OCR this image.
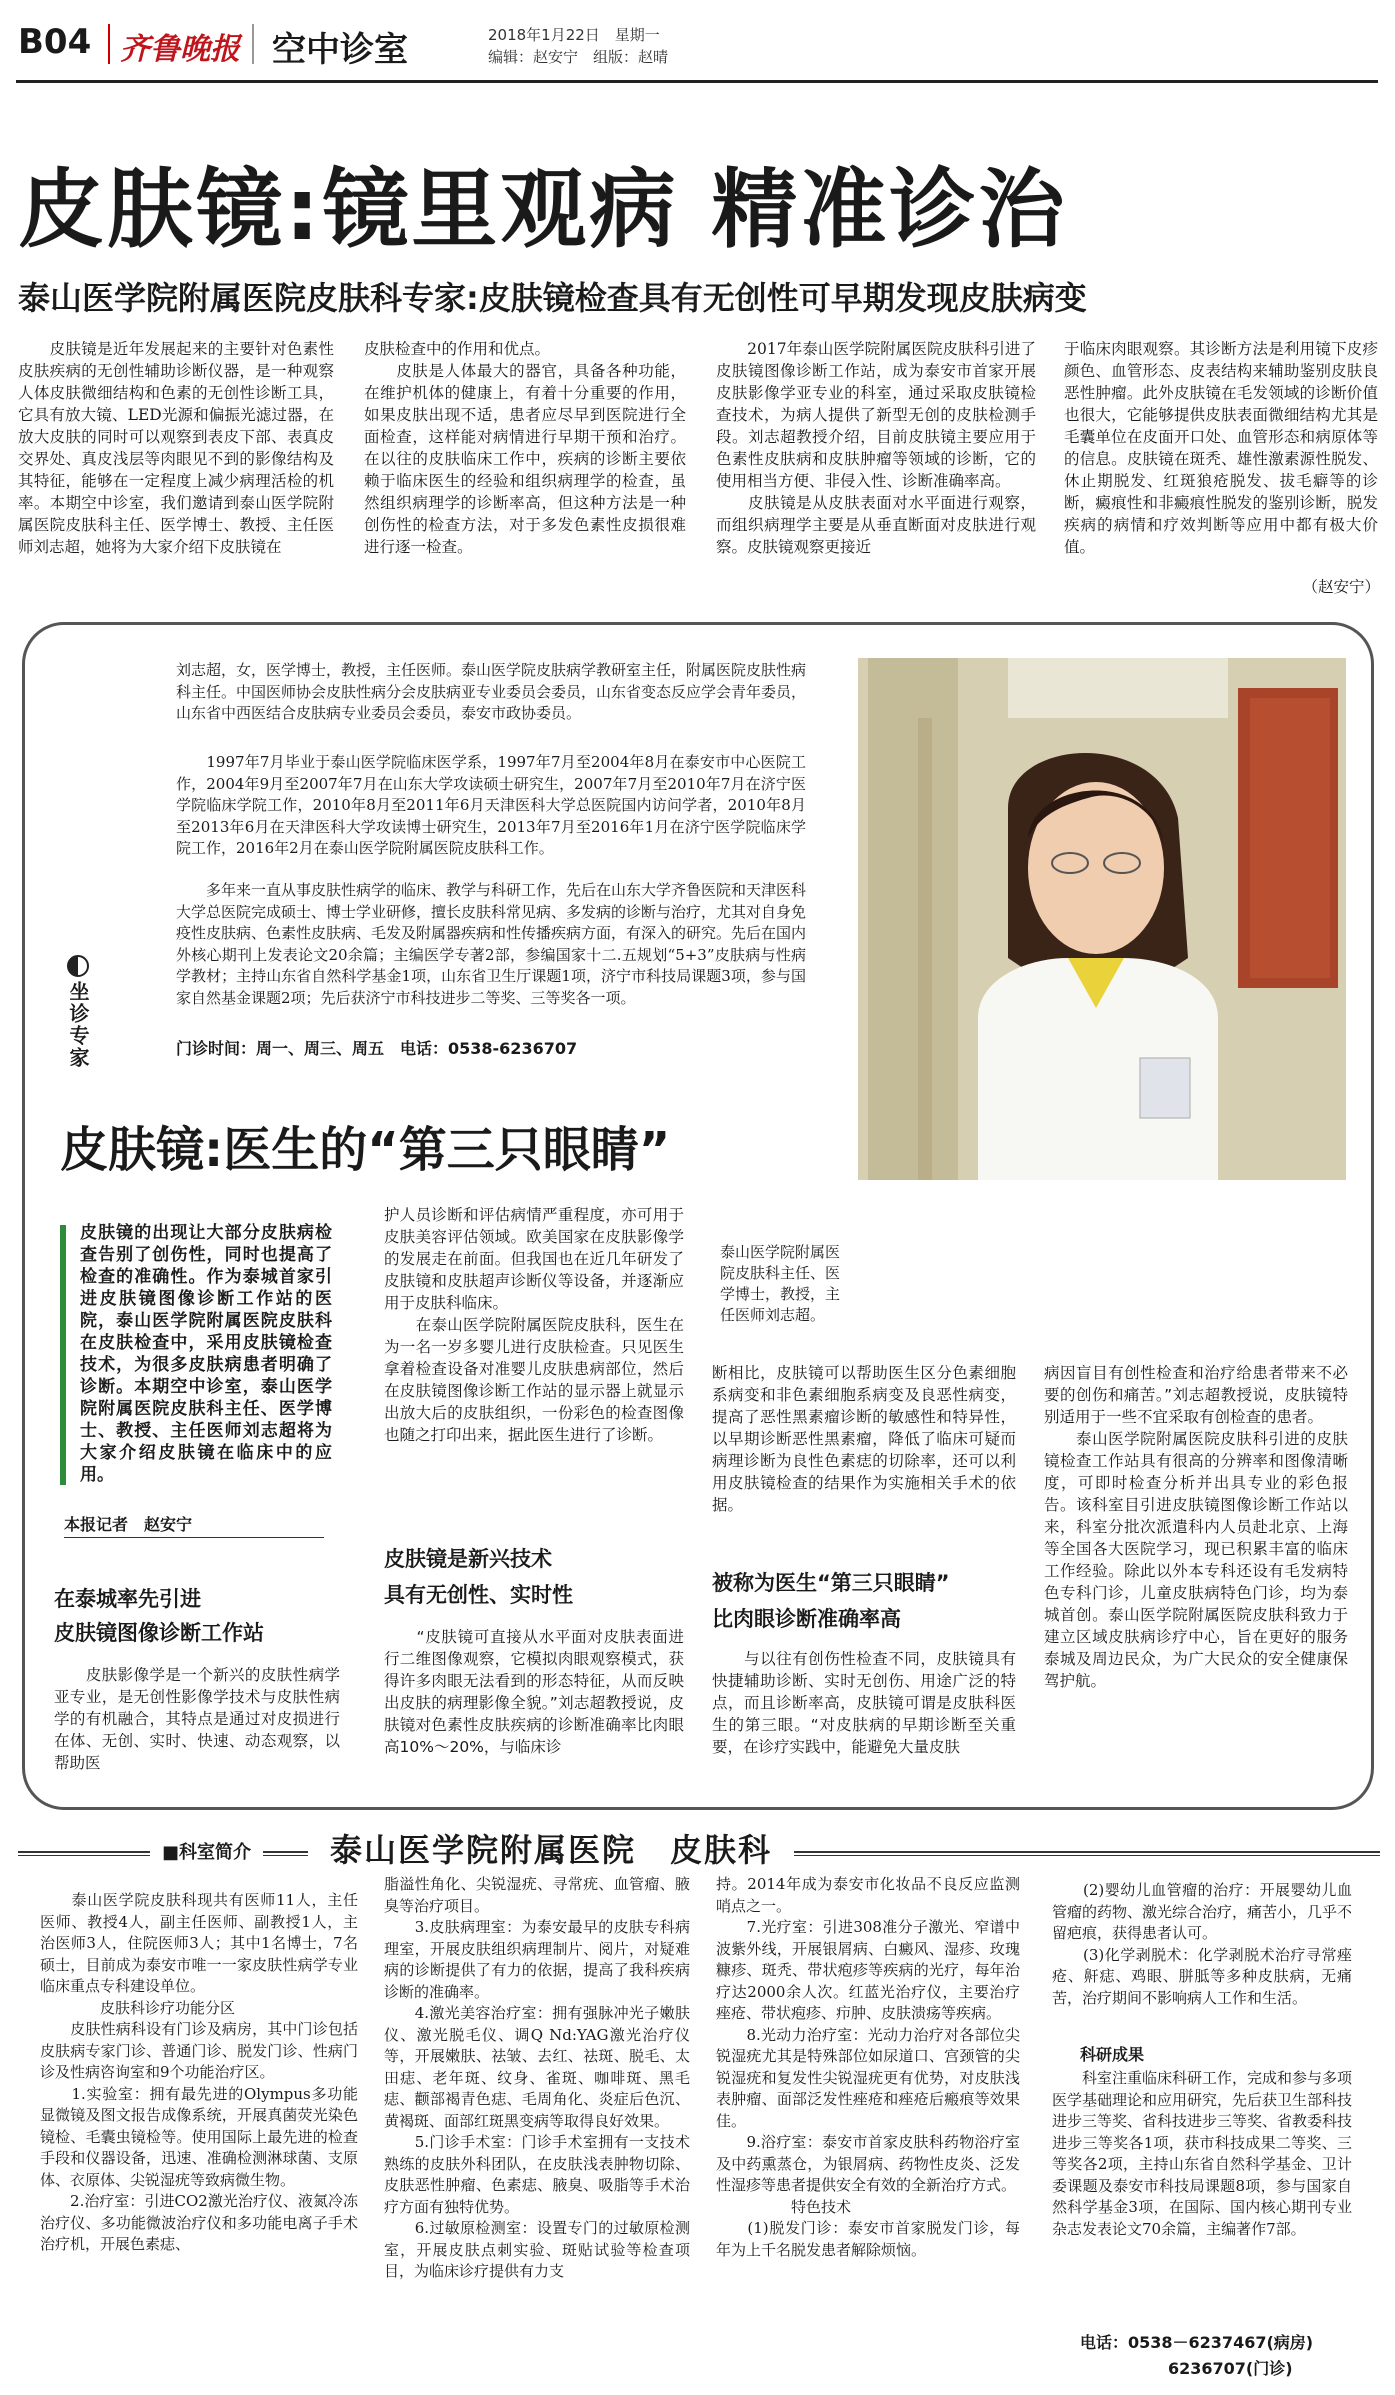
B04 齐鲁晚报 空中诊室	2018年1月22日　星期一
编辑：赵安宁　组版：赵晴
皮肤镜:镜里观病 精准诊治
泰山医学院附属医院皮肤科专家:皮肤镜检查具有无创性可早期发现皮肤病变
　　皮肤镜是近年发展起来的主要针对色素性皮肤疾病的无创性辅助诊断仪器，是一种观察人体皮肤微细结构和色素的无创性诊断工具，它具有放大镜、LED光源和偏振光滤过器，在放大皮肤的同时可以观察到表皮下部、表真皮交界处、真皮浅层等肉眼见不到的影像结构及其特征，能够在一定程度上减少病理活检的机率。本期空中诊室，我们邀请到泰山医学院附属医院皮肤科主任、医学博士、教授、主任医师刘志超，她将为大家介绍下皮肤镜在
皮肤检查中的作用和优点。
　　皮肤是人体最大的器官，具备各种功能，在维护机体的健康上，有着十分重要的作用，如果皮肤出现不适，患者应尽早到医院进行全面检查，这样能对病情进行早期干预和治疗。在以往的皮肤临床工作中，疾病的诊断主要依赖于临床医生的经验和组织病理学的检查，虽然组织病理学的诊断率高，但这种方法是一种创伤性的检查方法，对于多发色素性皮损很难进行逐一检查。
　　2017年泰山医学院附属医院皮肤科引进了皮肤镜图像诊断工作站，成为泰安市首家开展皮肤影像学亚专业的科室，通过采取皮肤镜检查技术，为病人提供了新型无创的皮肤检测手段。刘志超教授介绍，目前皮肤镜主要应用于色素性皮肤病和皮肤肿瘤等领域的诊断，它的使用相当方便、非侵入性、诊断准确率高。
　　皮肤镜是从皮肤表面对水平面进行观察，而组织病理学主要是从垂直断面对皮肤进行观察。皮肤镜观察更接近
于临床肉眼观察。其诊断方法是利用镜下皮疹颜色、血管形态、皮表结构来辅助鉴别皮肤良恶性肿瘤。此外皮肤镜在毛发领域的诊断价值也很大，它能够提供皮肤表面微细结构尤其是毛囊单位在皮面开口处、血管形态和病原体等的信息。皮肤镜在斑秃、雄性激素源性脱发、休止期脱发、红斑狼疮脱发、拔毛癖等的诊断，癜痕性和非癜痕性脱发的鉴别诊断，脱发疾病的病情和疗效判断等应用中都有极大价值。
（赵安宁）
坐诊专家
刘志超，女，医学博士，教授，主任医师。泰山医学院皮肤病学教研室主任，附属医院皮肤性病科主任。中国医师协会皮肤性病分会皮肤病亚专业委员会委员，山东省变态反应学会青年委员，山东省中西医结合皮肤病专业委员会委员，泰安市政协委员。
　　1997年7月毕业于泰山医学院临床医学系，1997年7月至2004年8月在泰安市中心医院工作，2004年9月至2007年7月在山东大学攻读硕士研究生，2007年7月至2010年7月在济宁医学院临床学院工作，2010年8月至2011年6月天津医科大学总医院国内访问学者，2010年8月至2013年6月在天津医科大学攻读博士研究生，2013年7月至2016年1月在济宁医学院临床学院工作，2016年2月在泰山医学院附属医院皮肤科工作。
　　多年来一直从事皮肤性病学的临床、教学与科研工作，先后在山东大学齐鲁医院和天津医科大学总医院完成硕士、博士学业研修，擅长皮肤科常见病、多发病的诊断与治疗，尤其对自身免疫性皮肤病、色素性皮肤病、毛发及附属器疾病和性传播疾病方面，有深入的研究。先后在国内外核心期刊上发表论文20余篇；主编医学专著2部，参编国家十二.五规划“5+3”皮肤病与性病学教材；主持山东省自然科学基金1项，山东省卫生厅课题1项，济宁市科技局课题3项，参与国家自然基金课题2项；先后获济宁市科技进步二等奖、三等奖各一项。
门诊时间：周一、周三、周五　电话：0538-6236707
皮肤镜:医生的“第三只眼睛”
皮肤镜的出现让大部分皮肤病检查告别了创伤性，同时也提高了检查的准确性。作为泰城首家引进皮肤镜图像诊断工作站的医院，泰山医学院附属医院皮肤科在皮肤检查中，采用皮肤镜检查技术，为很多皮肤病患者明确了诊断。本期空中诊室，泰山医学院附属医院皮肤科主任、医学博士、教授、主任医师刘志超将为大家介绍皮肤镜在临床中的应用。
本报记者　赵安宁
在泰城率先引进
皮肤镜图像诊断工作站
　　皮肤影像学是一个新兴的皮肤性病学亚专业，是无创性影像学技术与皮肤性病学的有机融合，其特点是通过对皮损进行在体、无创、实时、快速、动态观察，以帮助医
护人员诊断和评估病情严重程度，亦可用于皮肤美容评估领域。欧美国家在皮肤影像学的发展走在前面。但我国也在近几年研发了皮肤镜和皮肤超声诊断仪等设备，并逐渐应用于皮肤科临床。
　　在泰山医学院附属医院皮肤科，医生在为一名一岁多婴儿进行皮肤检查。只见医生拿着检查设备对准婴儿皮肤患病部位，然后在皮肤镜图像诊断工作站的显示器上就显示出放大后的皮肤组织，一份彩色的检查图像也随之打印出来，据此医生进行了诊断。
皮肤镜是新兴技术
具有无创性、实时性
　　“皮肤镜可直接从水平面对皮肤表面进行二维图像观察，它模拟肉眼观察模式，获得许多肉眼无法看到的形态特征，从而反映出皮肤的病理影像全貌。”刘志超教授说，皮肤镜对色素性皮肤疾病的诊断准确率比肉眼高10%～20%，与临床诊
泰山医学院附属医院皮肤科主任、医学博士，教授，主任医师刘志超。
断相比，皮肤镜可以帮助医生区分色素细胞系病变和非色素细胞系病变及良恶性病变，提高了恶性黑素瘤诊断的敏感性和特异性，以早期诊断恶性黑素瘤，降低了临床可疑而病理诊断为良性色素痣的切除率，还可以利用皮肤镜检查的结果作为实施相关手术的依据。
被称为医生“第三只眼睛”
比肉眼诊断准确率高
　　与以往有创伤性检查不同，皮肤镜具有快捷辅助诊断、实时无创伤、用途广泛的特点，而且诊断率高，皮肤镜可谓是皮肤科医生的第三眼。“对皮肤病的早期诊断至关重要，在诊疗实践中，能避免大量皮肤
病因盲目有创性检查和治疗给患者带来不必要的创伤和痛苦。”刘志超教授说，皮肤镜特别适用于一些不宜采取有创检查的患者。
　　泰山医学院附属医院皮肤科引进的皮肤镜检查工作站具有很高的分辨率和图像清晰度，可即时检查分析并出具专业的彩色报告。该科室目引进皮肤镜图像诊断工作站以来，科室分批次派遣科内人员赴北京、上海等全国各大医院学习，现已积累丰富的临床工作经验。除此以外本专科还设有毛发病特色专科门诊，儿童皮肤病特色门诊，均为泰城首创。泰山医学院附属医院皮肤科致力于建立区域皮肤病诊疗中心，旨在更好的服务泰城及周边民众，为广大民众的安全健康保驾护航。
■科室简介	泰山医学院附属医院　皮肤科
　　泰山医学院皮肤科现共有医师11人，主任医师、教授4人，副主任医师、副教授1人，主治医师3人，住院医师3人；其中1名博士，7名硕士，目前成为泰安市唯一一家皮肤性病学专业临床重点专科建设单位。
　　　　皮肤科诊疗功能分区
　　皮肤性病科设有门诊及病房，其中门诊包括皮肤病专家门诊、普通门诊、脱发门诊、性病门诊及性病咨询室和9个功能治疗区。
　　1.实验室：拥有最先进的Olympus多功能显微镜及图文报告成像系统，开展真菌荧光染色镜检、毛囊虫镜检等。使用国际上最先进的检查手段和仪器设备，迅速、准确检测淋球菌、支原体、衣原体、尖锐湿疣等致病微生物。
　　2.治疗室：引进CO2激光治疗仪、液氮冷冻治疗仪、多功能微波治疗仪和多功能电离子手术治疗机，开展色素痣、
脂溢性角化、尖锐湿疣、寻常疣、血管瘤、腋臭等治疗项目。
　　3.皮肤病理室：为泰安最早的皮肤专科病理室，开展皮肤组织病理制片、阅片，对疑难病的诊断提供了有力的依据，提高了我科疾病诊断的准确率。
　　4.激光美容治疗室：拥有强脉冲光子嫩肤仪、激光脱毛仪、调Q Nd:YAG激光治疗仪等，开展嫩肤、祛皱、去红、祛斑、脱毛、太田痣、老年斑、纹身、雀斑、咖啡斑、黑毛痣、颧部褐青色痣、毛周角化、炎症后色沉、黄褐斑、面部红斑黑变病等取得良好效果。
　　5.门诊手术室：门诊手术室拥有一支技术熟练的皮肤外科团队，在皮肤浅表肿物切除、皮肤恶性肿瘤、色素痣、腋臭、吸脂等手术治疗方面有独特优势。
　　6.过敏原检测室：设置专门的过敏原检测室，开展皮肤点刺实验、斑贴试验等检查项目，为临床诊疗提供有力支
持。2014年成为泰安市化妆品不良反应监测哨点之一。
　　7.光疗室：引进308准分子激光、窄谱中波紫外线，开展银屑病、白癜风、湿疹、玫瑰糠疹、斑秃、带状疱疹等疾病的光疗，每年治疗达2000余人次。红蓝光治疗仪，主要治疗痤疮、带状疱疹、疖肿、皮肤溃疡等疾病。
　　8.光动力治疗室：光动力治疗对各部位尖锐湿疣尤其是特殊部位如尿道口、宫颈管的尖锐湿疣和复发性尖锐湿疣更有优势，对皮肤浅表肿瘤、面部泛发性痤疮和痤疮后瘢痕等效果佳。
　　9.浴疗室：泰安市首家皮肤科药物浴疗室及中药熏蒸仓，为银屑病、药物性皮炎、泛发性湿疹等患者提供安全有效的全新治疗方式。
　　　　　特色技术
　　(1)脱发门诊：泰安市首家脱发门诊，每年为上千名脱发患者解除烦恼。
　　(2)婴幼儿血管瘤的治疗：开展婴幼儿血管瘤的药物、激光综合治疗，痛苦小，几乎不留疤痕，获得患者认可。
　　(3)化学剥脱术：化学剥脱术治疗寻常痤疮、鼾痣、鸡眼、胼胝等多种皮肤病，无痛苦，治疗期间不影响病人工作和生活。
科研成果
　　科室注重临床科研工作，完成和参与多项医学基础理论和应用研究，先后获卫生部科技进步三等奖、省科技进步三等奖、省教委科技进步三等奖各1项，获市科技成果二等奖、三等奖各2项，主持山东省自然科学基金、卫计委课题及泰安市科技局课题8项，参与国家自然科学基金3项，在国际、国内核心期刊专业杂志发表论文70余篇，主编著作7部。
电话：0538－6237467(病房)
6236707(门诊)
